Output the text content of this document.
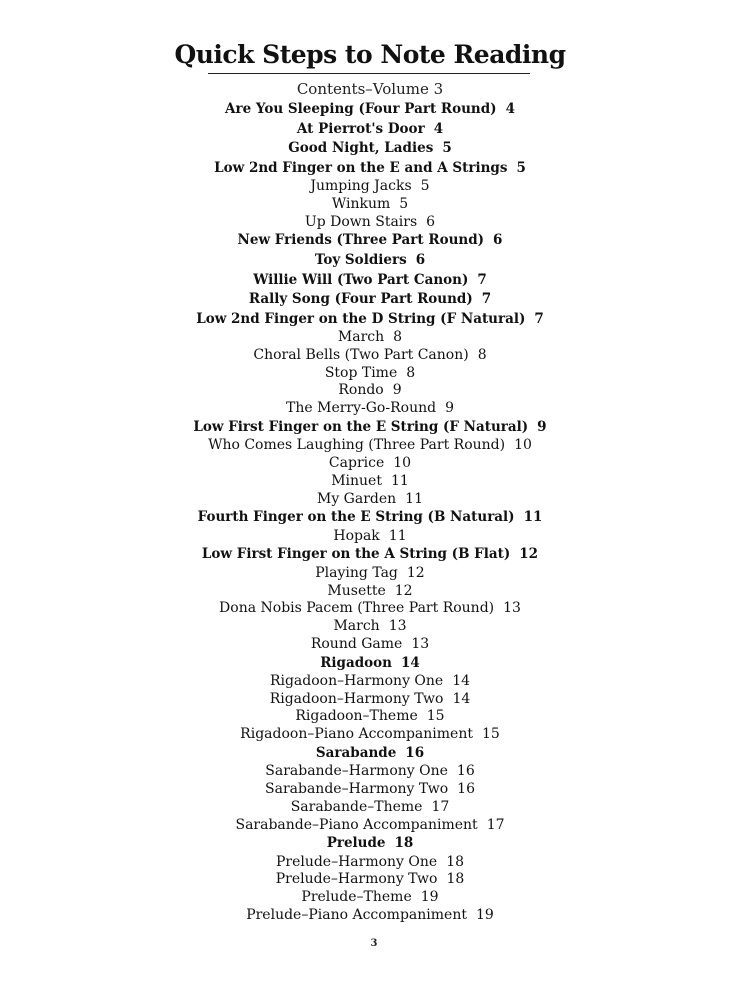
Quick Steps to Note Reading
Contents–Volume 3
Are You Sleeping (Four Part Round) 4
At Pierrot's Door 4
Good Night, Ladies 5
Low 2nd Finger on the E and A Strings 5
Jumping Jacks 5
Winkum 5
Up Down Stairs 6
New Friends (Three Part Round) 6
Toy Soldiers 6
Willie Will (Two Part Canon) 7
Rally Song (Four Part Round) 7
Low 2nd Finger on the D String (F Natural) 7
March 8
Choral Bells (Two Part Canon) 8
Stop Time 8
Rondo 9
The Merry-Go-Round 9
Low First Finger on the E String (F Natural) 9
Who Comes Laughing (Three Part Round) 10
Caprice 10
Minuet 11
My Garden 11
Fourth Finger on the E String (B Natural) 11
Hopak 11
Low First Finger on the A String (B Flat) 12
Playing Tag 12
Musette 12
Dona Nobis Pacem (Three Part Round) 13
March 13
Round Game 13
Rigadoon 14
Rigadoon–Harmony One 14
Rigadoon–Harmony Two 14
Rigadoon–Theme 15
Rigadoon–Piano Accompaniment 15
Sarabande 16
Sarabande–Harmony One 16
Sarabande–Harmony Two 16
Sarabande–Theme 17
Sarabande–Piano Accompaniment 17
Prelude 18
Prelude–Harmony One 18
Prelude–Harmony Two 18
Prelude–Theme 19
Prelude–Piano Accompaniment 19
3
